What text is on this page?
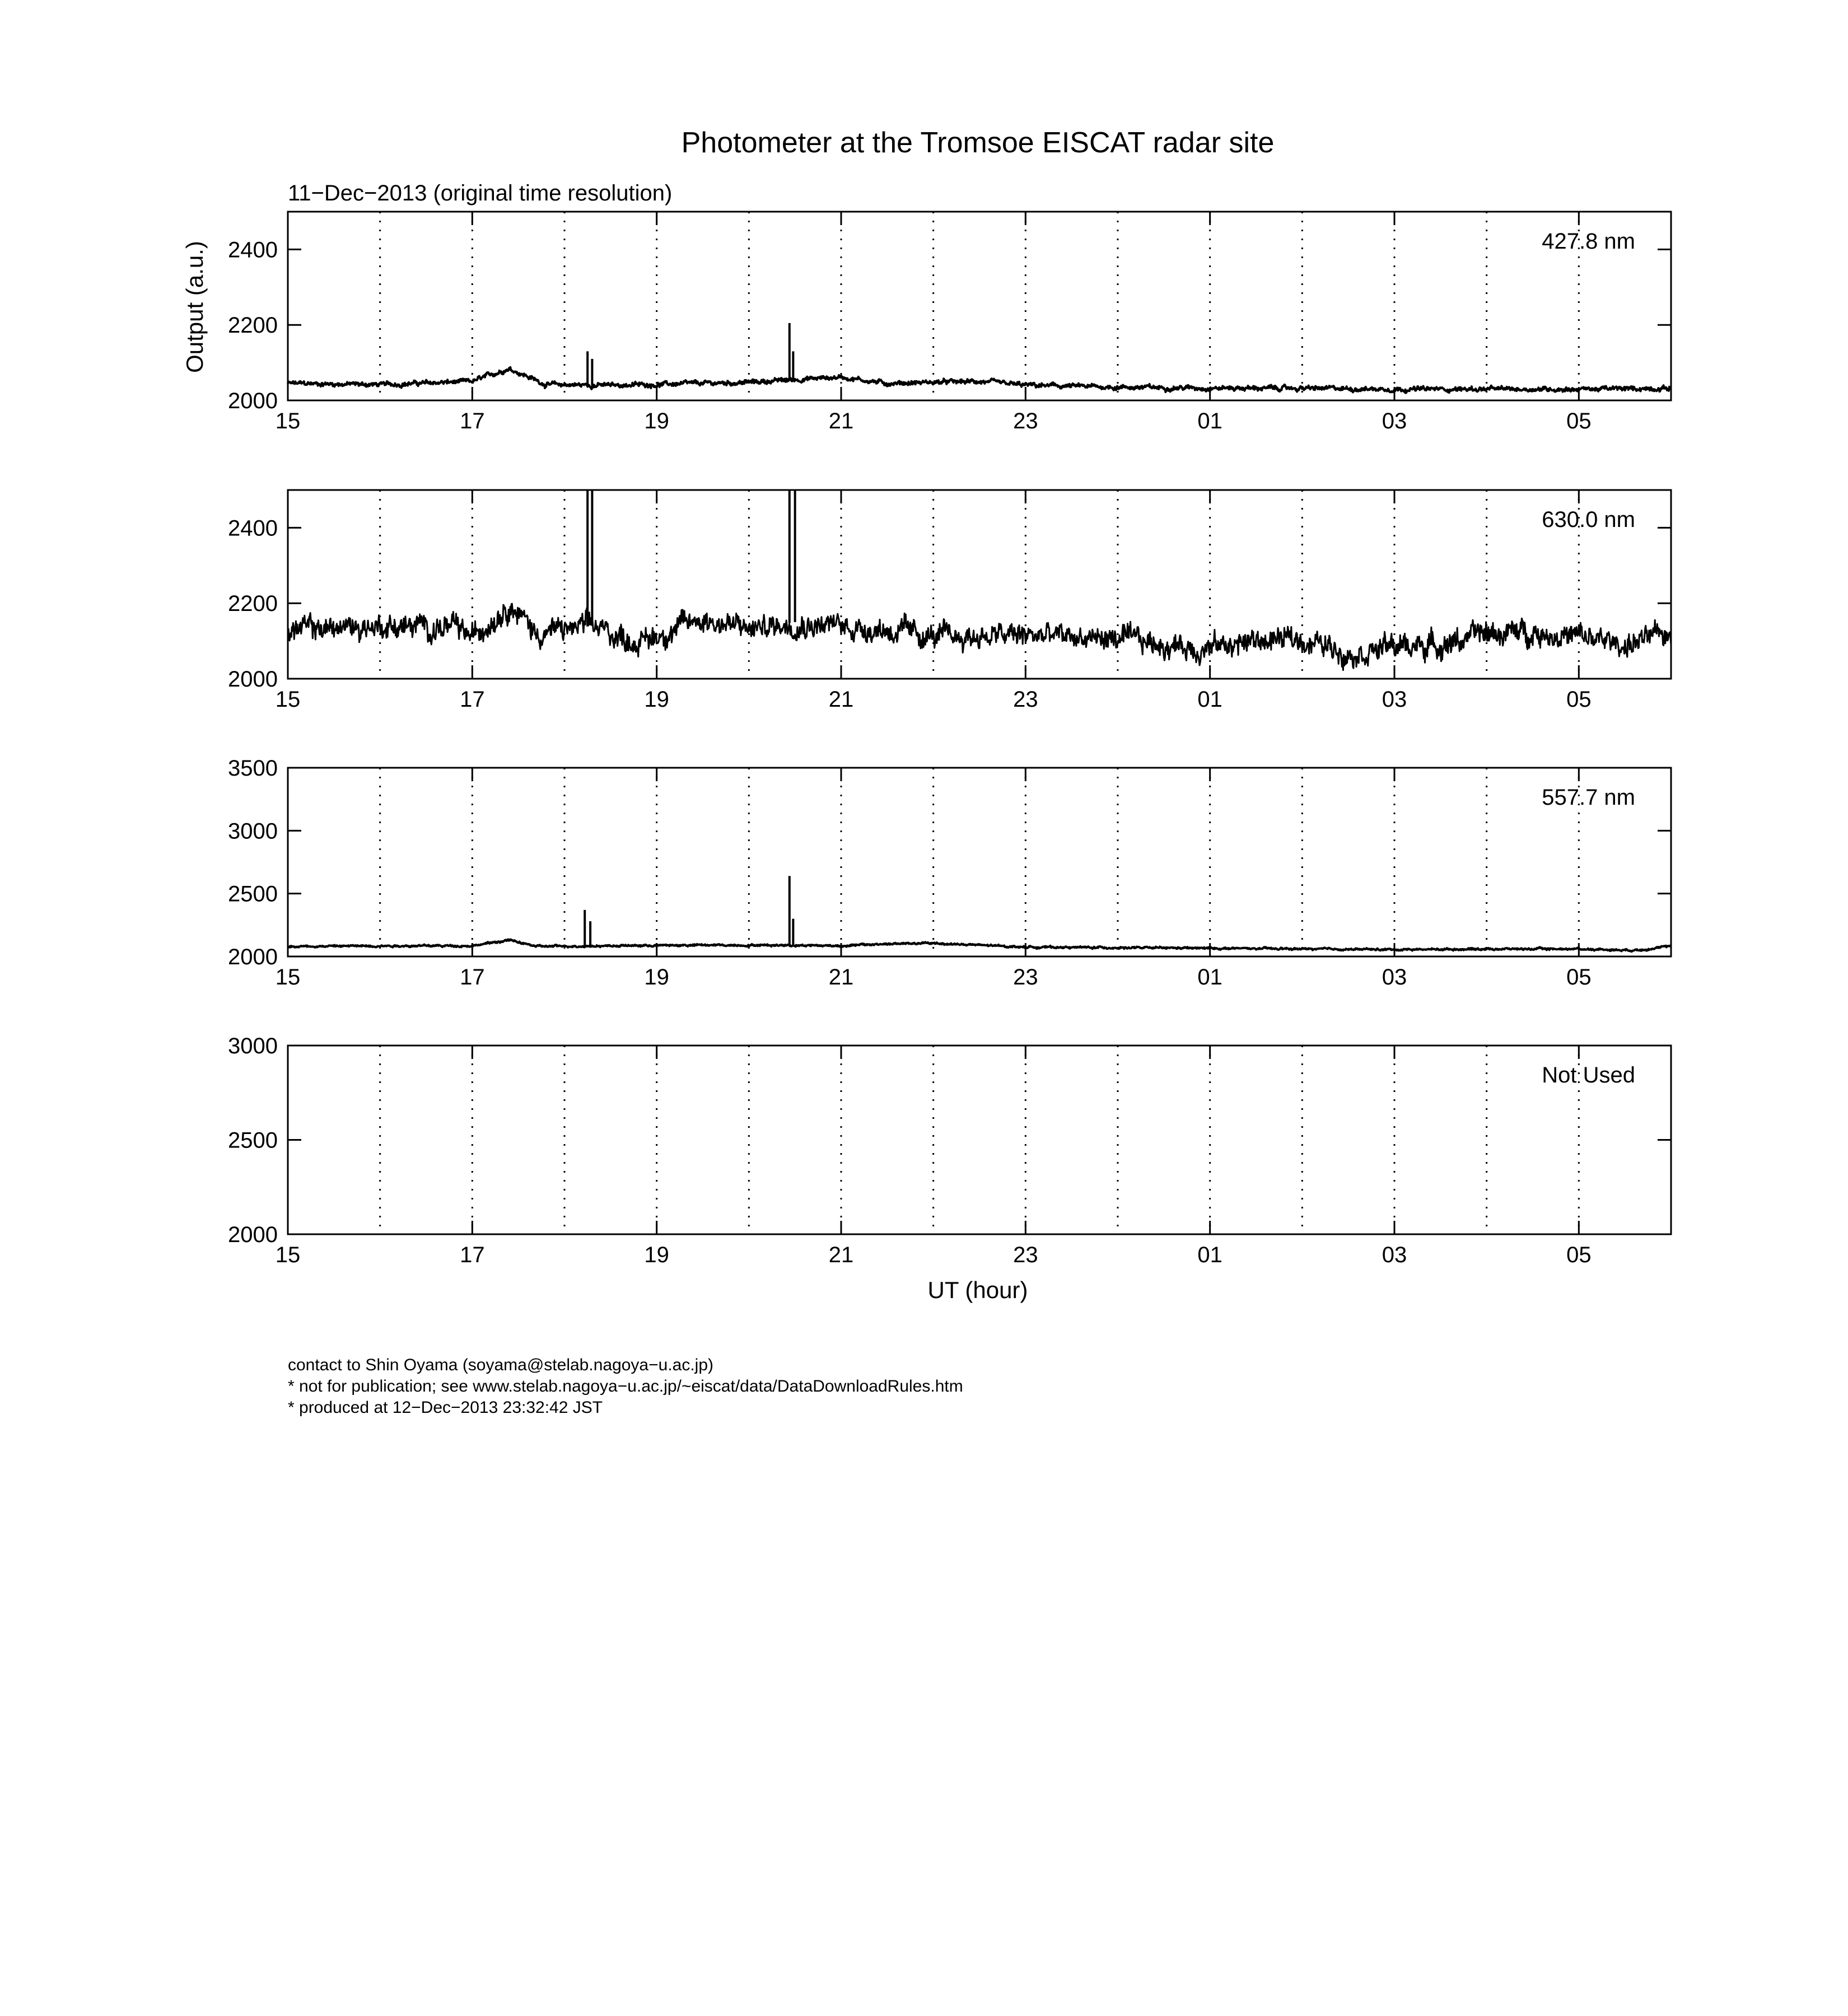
Photometer at the Tromsoe EISCAT radar site
11−Dec−2013 (original time resolution)
Output (a.u.)
UT (hour)
2000
2200
2400
15	17	19	21	23	01	03	05
427.8 nm
2000
2200
2400
15	17	19	21	23	01	03	05
630.0 nm
2000
2500
3000
3500
15	17	19	21	23	01	03	05
557.7 nm
2000
2500
3000
15	17	19	21	23	01	03	05
Not Used
contact to Shin Oyama (soyama@stelab.nagoya−u.ac.jp)
* not for publication; see www.stelab.nagoya−u.ac.jp/~eiscat/data/DataDownloadRules.htm
* produced at 12−Dec−2013 23:32:42 JST
